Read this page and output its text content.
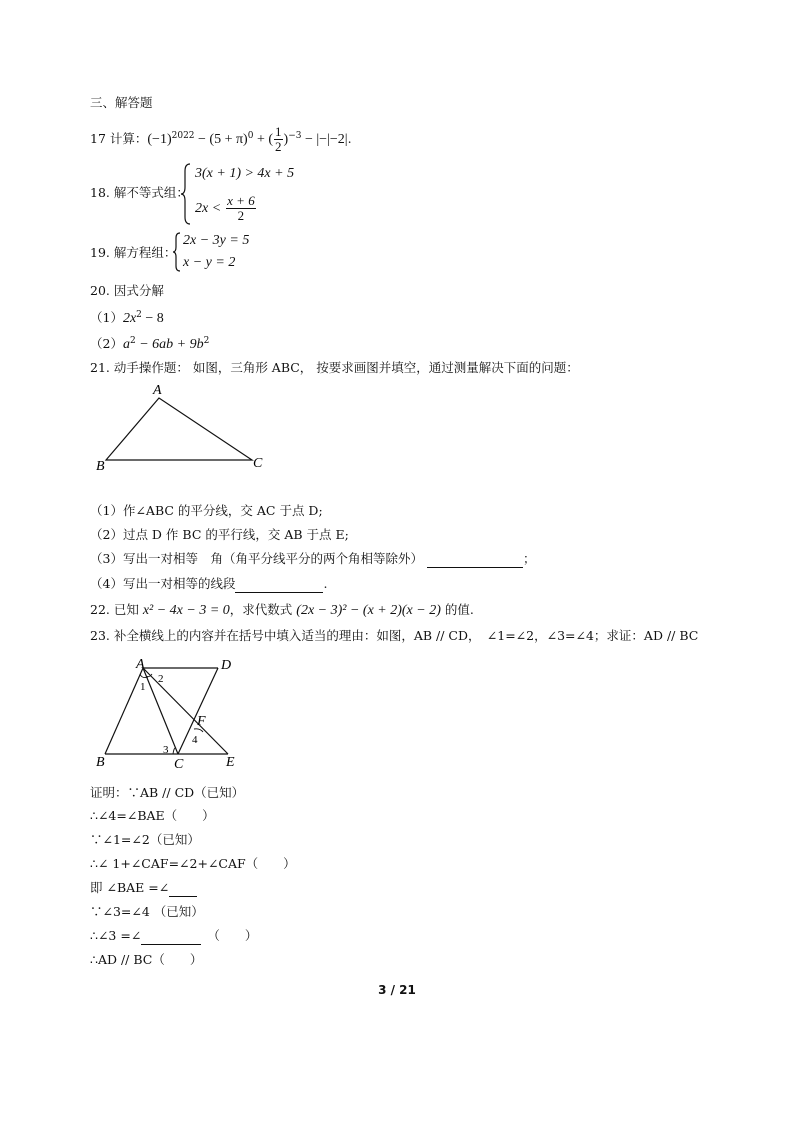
三、解答题
17 计算：$(-1)^{2022} - (5 + \pi)^0$ + ( $\frac{1}{2} )^{-3} - |-|-2|$.
18. 解不等式组：
3(x + 1) > 4x + 5
$2x < \frac{x + 6}{2}$
19. 解方程组：
2x − 3y = 5
x − y = 2
20. 因式分解
$(1)2x^2 - 8$
$(2)a^2 - 6ab + 9b^2$
21. 动手操作题： 如图，三角形 ABC， 按要求画图并填空，通过测量解决下面的问题：
A
B	C
（1）作∠ABC 的平分线，交 AC 于点 D;
（2）过点 D 作 BC 的平行线，交 AB 于点 E;
（3）写出一对相等　角（角平分线平分的两个角相等除外）	；
（4）写出一对相等的线段	.
22. 已知 x² − 4x − 3 = 0，求代数式 (2x − 3)² − (x + 2)(x − 2) 的值.
23. 补全横线上的内容并在括号中填入适当的理由：如图，AB // CD，　∠1=∠2，∠3=∠4；求证：AD // BC
A	D
B	C	E
F
1
2
3
4
证明：∵AB // CD（已知）
∴∠4=∠BAE（　　）
∵∠1=∠2（已知）
∴∠ 1+∠CAF=∠2+∠CAF（　　）
即 ∠BAE =∠
∵∠3=∠4 （已知）
∴∠3 =∠	（　　）
∴AD // BC（　　）
3 / 21
